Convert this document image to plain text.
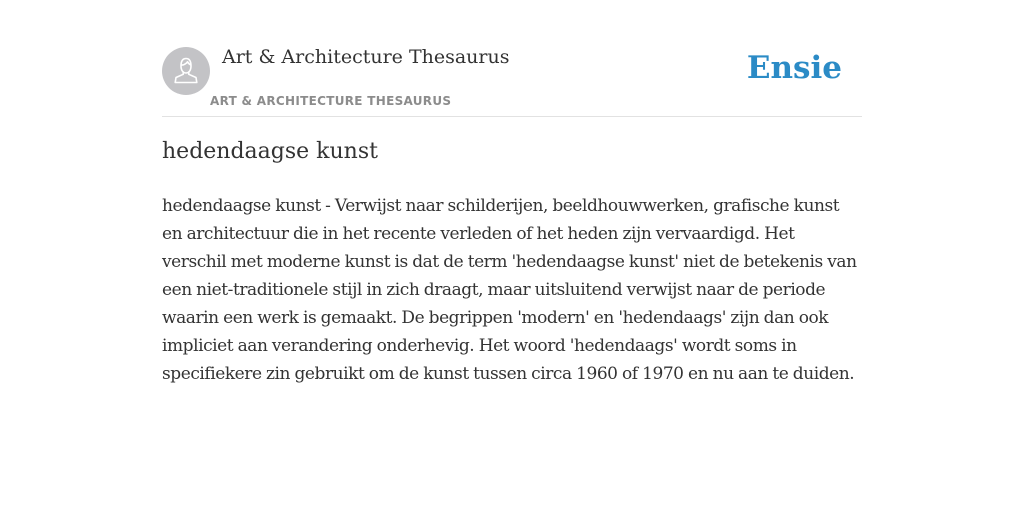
Art & Architecture Thesaurus
ART & ARCHITECTURE THESAURUS
Ensie
hedendaagse kunst

hedendaagse kunst - Verwijst naar schilderijen, beeldhouwwerken, grafische kunst en architectuur die in het recente verleden of het heden zijn vervaardigd. Het verschil met moderne kunst is dat de term 'hedendaagse kunst' niet de betekenis van een niet-traditionele stijl in zich draagt, maar uitsluitend verwijst naar de periode waarin een werk is gemaakt. De begrippen 'modern' en 'hedendaags' zijn dan ook impliciet aan verandering onderhevig. Het woord 'hedendaags' wordt soms in specifiekere zin gebruikt om de kunst tussen circa 1960 of 1970 en nu aan te duiden.
